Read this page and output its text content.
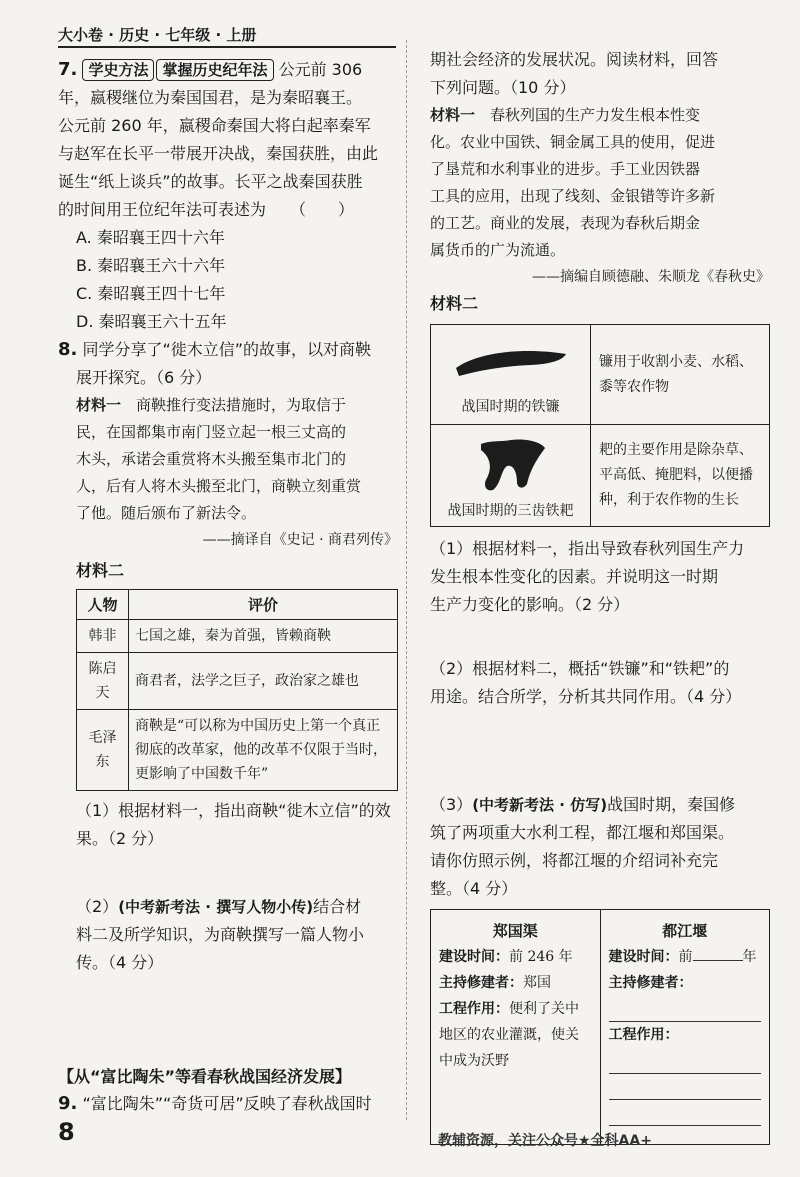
大小卷 · 历史 · 七年级 · 上册
7. 学史方法 掌握历史纪年法 公元前 306
年，嬴稷继位为秦国国君，是为秦昭襄王。
公元前 260 年，嬴稷命秦国大将白起率秦军
与赵军在长平一带展开决战，秦国获胜，由此
诞生“纸上谈兵”的故事。长平之战秦国获胜
的时间用王位纪年法可表述为　　（　　）
A. 秦昭襄王四十六年
B. 秦昭襄王六十六年
C. 秦昭襄王四十七年
D. 秦昭襄王六十五年
8. 同学分享了“徙木立信”的故事，以对商鞅
展开探究。（6 分）
材料一　 商鞅推行变法措施时，为取信于
民，在国都集市南门竖立起一根三丈高的
木头，承诺会重赏将木头搬至集市北门的
人，后有人将木头搬至北门，商鞅立刻重赏
了他。随后颁布了新法令。
——摘译自《史记 · 商君列传》
材料二
人物	评价
韩非	七国之雄，秦为首强，皆赖商鞅
陈启天	商君者，法学之巨子，政治家之雄也
毛泽东	商鞅是“可以称为中国历史上第一个真正彻底的改革家，他的改革不仅限于当时，更影响了中国数千年”
（1）根据材料一，指出商鞅“徙木立信”的效
果。（2 分）
（2）(中考新考法 · 撰写人物小传)结合材
料二及所学知识，为商鞅撰写一篇人物小
传。（4 分）
【从“富比陶朱”等看春秋战国经济发展】
9. “富比陶朱”“奇货可居”反映了春秋战国时
期社会经济的发展状况。阅读材料，回答
下列问题。（10 分）
材料一　 春秋列国的生产力发生根本性变
化。农业中国铁、铜金属工具的使用，促进
了垦荒和水利事业的进步。手工业因铁器
工具的应用，出现了线刻、金银错等许多新
的工艺。商业的发展，表现为春秋后期金
属货币的广为流通。
——摘编自顾德融、朱顺龙《春秋史》
材料二
战国时期的铁镰	镰用于收割小麦、水稻、黍等农作物

战国时期的三齿铁耙	耙的主要作用是除杂草、平高低、掩肥料，以便播种，利于农作物的生长
（1）根据材料一，指出导致春秋列国生产力
发生根本性变化的因素。并说明这一时期
生产力变化的影响。（2 分）
（2）根据材料二，概括“铁镰”和“铁耙”的
用途。结合所学，分析其共同作用。（4 分）
（3）(中考新考法 · 仿写)战国时期，秦国修
筑了两项重大水利工程，都江堰和郑国渠。
请你仿照示例，将都江堰的介绍词补充完
整。（4 分）
郑国渠
建设时间：前 246 年
主持修建者：郑国
工程作用：便利了关中地区的农业灌溉，使关中成为沃野

都江堰
建设时间：前	年
主持修建者：
工程作用：
8	教辅资源，关注公众号★全科AA+
